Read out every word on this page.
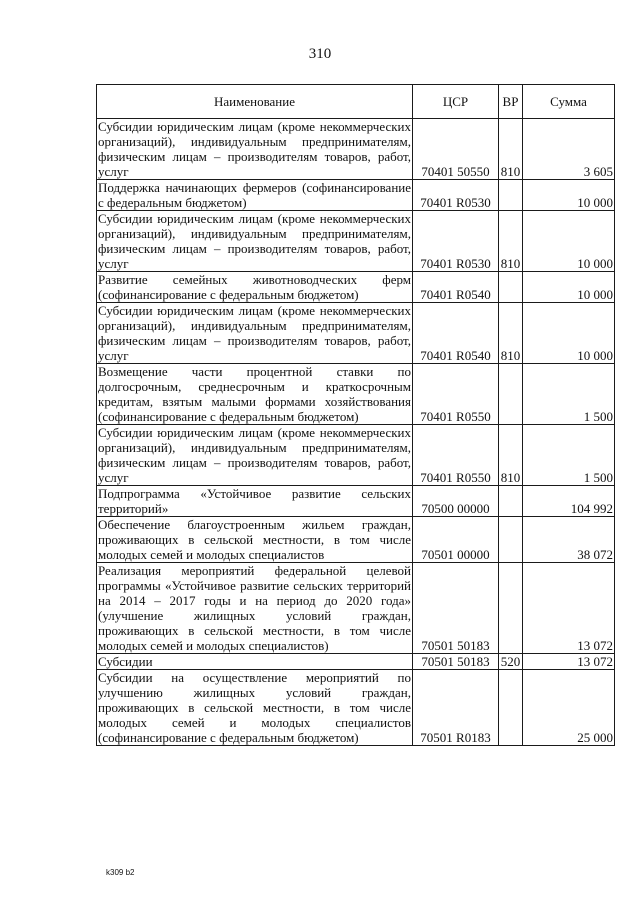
310
Наименование	ЦСР	ВР	Сумма
Субсидии юридическим лицам (кроме некоммерческих организаций), индивидуальным предпринимателям, физическим лицам – производителям товаров, работ, услуг	70401 50550	810	3 605
Поддержка начинающих фермеров (софинансирование с федеральным бюджетом)	70401 R0530		10 000
Субсидии юридическим лицам (кроме некоммерческих организаций), индивидуальным предпринимателям, физическим лицам – производителям товаров, работ, услуг	70401 R0530	810	10 000
Развитие семейных животноводческих ферм (софинансирование с федеральным бюджетом)	70401 R0540		10 000
Субсидии юридическим лицам (кроме некоммерческих организаций), индивидуальным предпринимателям, физическим лицам – производителям товаров, работ, услуг	70401 R0540	810	10 000
Возмещение части процентной ставки по долгосрочным, среднесрочным и краткосрочным кредитам, взятым малыми формами хозяйствования (софинансирование с федеральным бюджетом)	70401 R0550		1 500
Субсидии юридическим лицам (кроме некоммерческих организаций), индивидуальным предпринимателям, физическим лицам – производителям товаров, работ, услуг	70401 R0550	810	1 500
Подпрограмма «Устойчивое развитие сельских территорий»	70500 00000		104 992
Обеспечение благоустроенным жильем граждан, проживающих в сельской местности, в том числе молодых семей и молодых специалистов	70501 00000		38 072
Реализация мероприятий федеральной целевой программы «Устойчивое развитие сельских территорий на 2014 – 2017 годы и на период до 2020 года» (улучшение жилищных условий граждан, проживающих в сельской местности, в том числе молодых семей и молодых специалистов)	70501 50183		13 072
Субсидии	70501 50183	520	13 072
Субсидии на осуществление мероприятий по улучшению жилищных условий граждан, проживающих в сельской местности, в том числе молодых семей и молодых специалистов (софинансирование с федеральным бюджетом)	70501 R0183		25 000
k309 b2
